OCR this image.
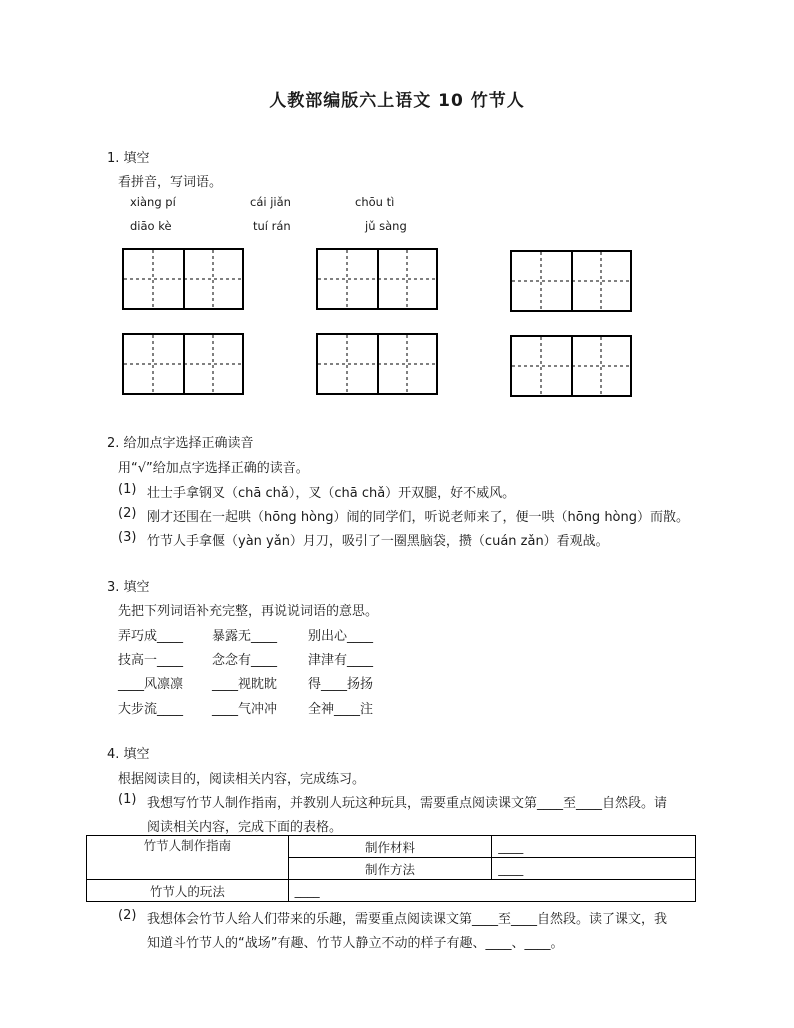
人教部编版六上语文 10 竹节人
1. 填空
看拼音，写词语。
xiàng pí	cái jiǎn	chōu tì
diāo kè	tuí rán	jǔ sàng
2. 给加点字选择正确读音
用“√”给加点字选择正确的读音。
(1) 壮士手拿钢叉（chā chǎ），叉（chā chǎ）开双腿，好不威风。
(2) 刚才还围在一起哄（hōng hòng）闹的同学们，听说老师来了，便一哄（hōng hòng）而散。
(3) 竹节人手拿偃（yàn yǎn）月刀，吸引了一圈黑脑袋，攒（cuán zǎn）看观战。
3. 填空
先把下列词语补充完整，再说说词语的意思。
弄巧成____ 暴露无____ 别出心____
技高一____ 念念有____ 津津有____
____风凛凛 ____视眈眈 得____扬扬
大步流____ ____气冲冲 全神____注
4. 填空
根据阅读目的，阅读相关内容，完成练习。
(1) 我想写竹节人制作指南，并教别人玩这种玩具，需要重点阅读课文第____至____自然段。请
阅读相关内容，完成下面的表格。
竹节人制作指南	制作材料	____
	制作方法	____
竹节人的玩法	____	
(2) 我想体会竹节人给人们带来的乐趣，需要重点阅读课文第____至____自然段。读了课文，我
知道斗竹节人的“战场”有趣、竹节人静立不动的样子有趣、____、____。
